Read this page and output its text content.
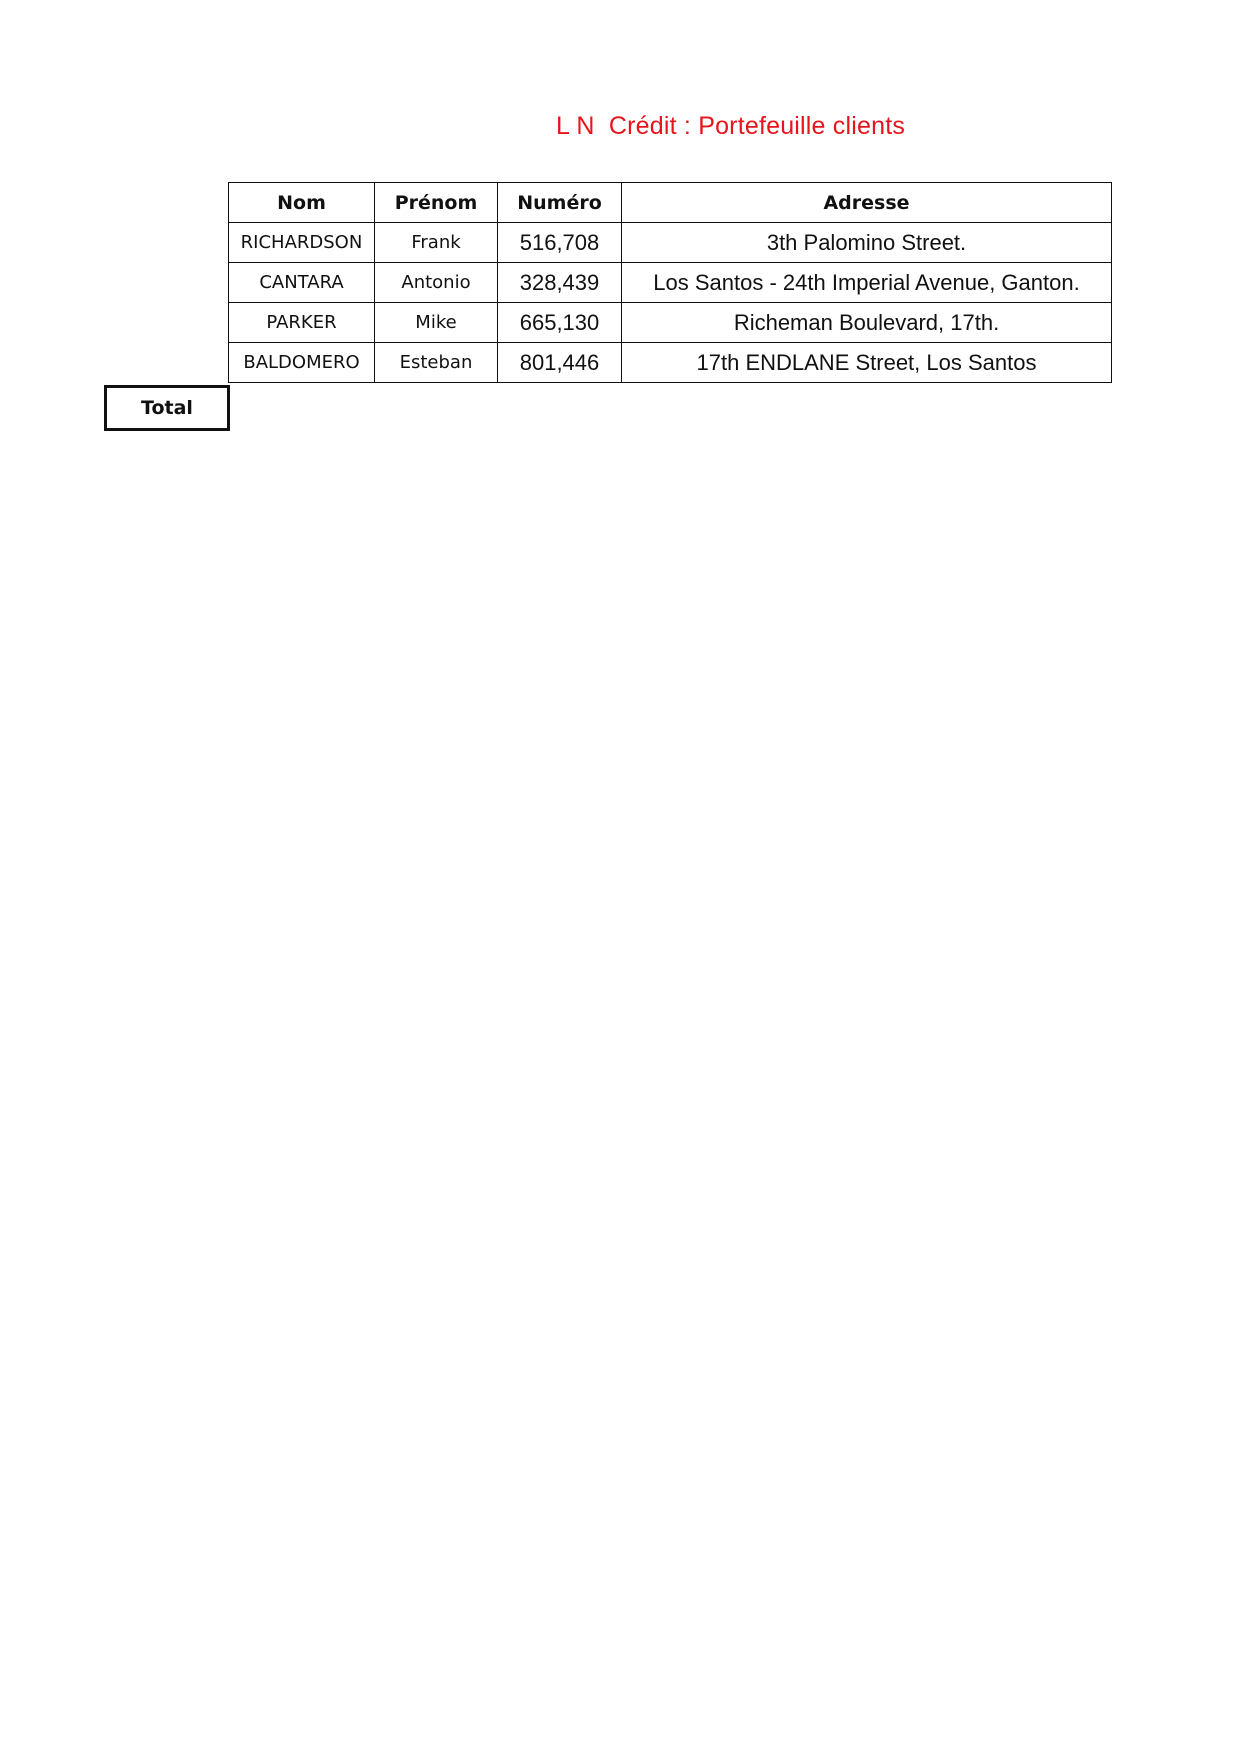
L N  Crédit : Portefeuille clients
Nom	Prénom	Numéro	Adresse
RICHARDSON	Frank	516,708	3th Palomino Street.
CANTARA	Antonio	328,439	Los Santos - 24th Imperial Avenue, Ganton.
PARKER	Mike	665,130	Richeman Boulevard, 17th.
BALDOMERO	Esteban	801,446	17th ENDLANE Street, Los Santos
Total
